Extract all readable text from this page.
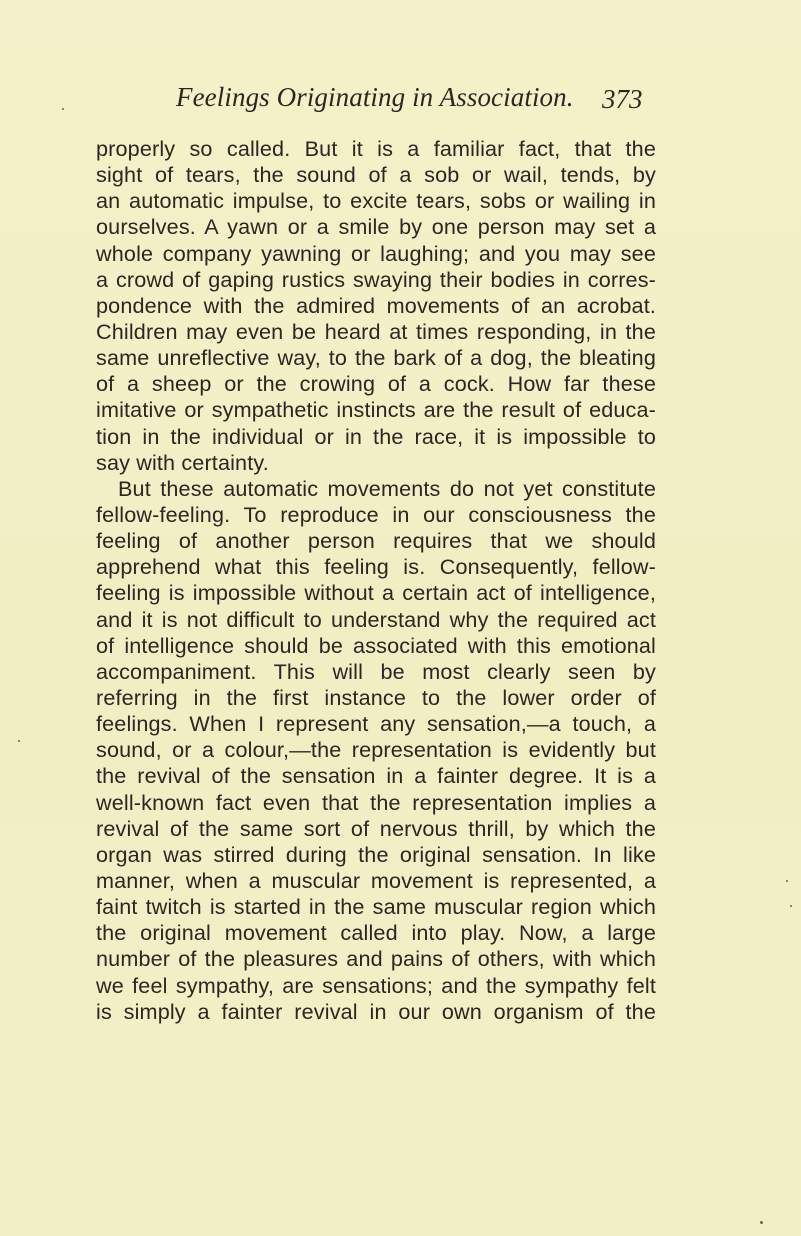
Feelings Originating in Association. 373
properly so called. But it is a familiar fact, that the
sight of tears, the sound of a sob or wail, tends, by
an automatic impulse, to excite tears, sobs or wailing in
ourselves. A yawn or a smile by one person may set a
whole company yawning or laughing; and you may see
a crowd of gaping rustics swaying their bodies in corres-
pondence with the admired movements of an acrobat.
Children may even be heard at times responding, in the
same unreflective way, to the bark of a dog, the bleating
of a sheep or the crowing of a cock. How far these
imitative or sympathetic instincts are the result of educa-
tion in the individual or in the race, it is impossible to
say with certainty.
But these automatic movements do not yet constitute
fellow-feeling. To reproduce in our consciousness the
feeling of another person requires that we should
apprehend what this feeling is. Consequently, fellow-
feeling is impossible without a certain act of intelligence,
and it is not difficult to understand why the required act
of intelligence should be associated with this emotional
accompaniment. This will be most clearly seen by
referring in the first instance to the lower order of
feelings. When I represent any sensation,—a touch, a
sound, or a colour,—the representation is evidently but
the revival of the sensation in a fainter degree. It is a
well-known fact even that the representation implies a
revival of the same sort of nervous thrill, by which the
organ was stirred during the original sensation. In like
manner, when a muscular movement is represented, a
faint twitch is started in the same muscular region which
the original movement called into play. Now, a large
number of the pleasures and pains of others, with which
we feel sympathy, are sensations; and the sympathy felt
is simply a fainter revival in our own organism of the
